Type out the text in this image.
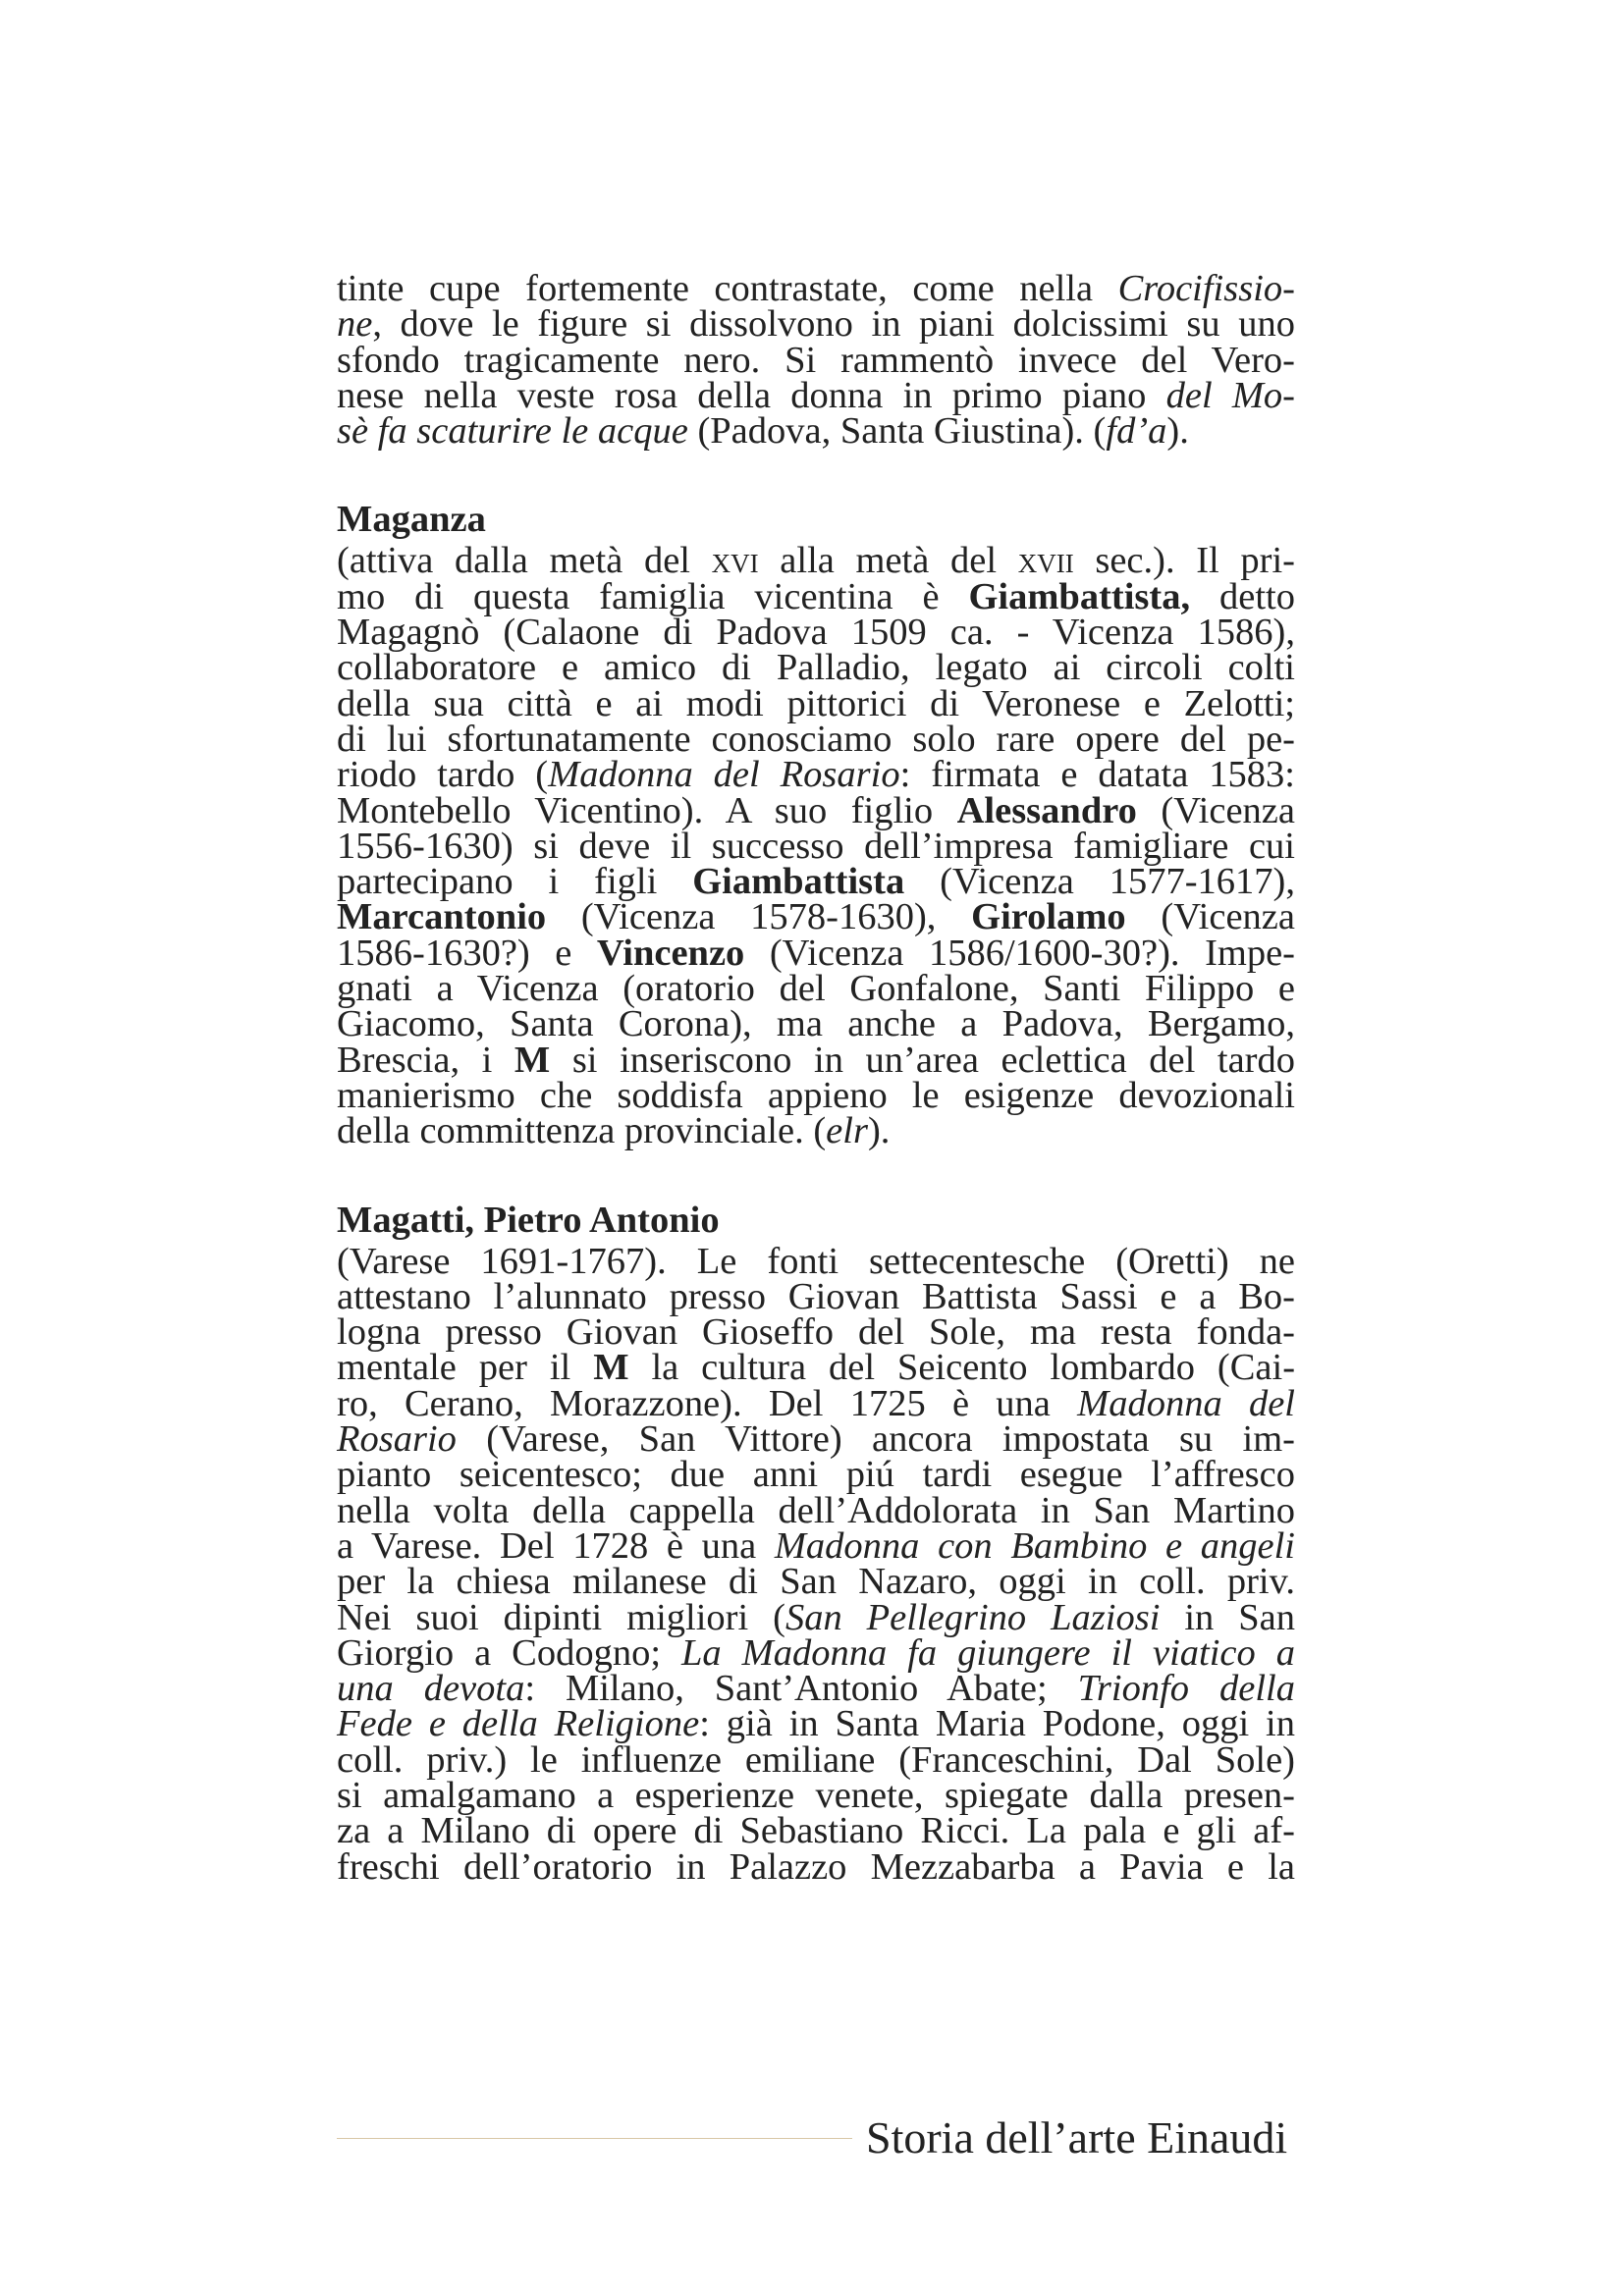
tinte cupe fortemente contrastate, come nella Crocifissio-
ne, dove le figure si dissolvono in piani dolcissimi su uno
sfondo tragicamente nero. Si rammentò invece del Vero-
nese nella veste rosa della donna in primo piano del Mo-
sè fa scaturire le acque (Padova, Santa Giustina). (fd’a).
Maganza
(attiva dalla metà del xvi alla metà del xvii sec.). Il pri-
mo di questa famiglia vicentina è Giambattista, detto
Magagnò (Calaone di Padova 1509 ca. - Vicenza 1586),
collaboratore e amico di Palladio, legato ai circoli colti
della sua città e ai modi pittorici di Veronese e Zelotti;
di lui sfortunatamente conosciamo solo rare opere del pe-
riodo tardo (Madonna del Rosario: firmata e datata 1583:
Montebello Vicentino). A suo figlio Alessandro (Vicenza
1556-1630) si deve il successo dell’impresa famigliare cui
partecipano i figli Giambattista (Vicenza 1577-1617),
Marcantonio (Vicenza 1578-1630), Girolamo (Vicenza
1586-1630?) e Vincenzo (Vicenza 1586/1600-30?). Impe-
gnati a Vicenza (oratorio del Gonfalone, Santi Filippo e
Giacomo, Santa Corona), ma anche a Padova, Bergamo,
Brescia, i M si inseriscono in un’area eclettica del tardo
manierismo che soddisfa appieno le esigenze devozionali
della committenza provinciale. (elr).
Magatti, Pietro Antonio
(Varese 1691-1767). Le fonti settecentesche (Oretti) ne
attestano l’alunnato presso Giovan Battista Sassi e a Bo-
logna presso Giovan Gioseffo del Sole, ma resta fonda-
mentale per il M la cultura del Seicento lombardo (Cai-
ro, Cerano, Morazzone). Del 1725 è una Madonna del
Rosario (Varese, San Vittore) ancora impostata su im-
pianto seicentesco; due anni piú tardi esegue l’affresco
nella volta della cappella dell’Addolorata in San Martino
a Varese. Del 1728 è una Madonna con Bambino e angeli
per la chiesa milanese di San Nazaro, oggi in coll. priv.
Nei suoi dipinti migliori (San Pellegrino Laziosi in San
Giorgio a Codogno; La Madonna fa giungere il viatico a
una devota: Milano, Sant’Antonio Abate; Trionfo della
Fede e della Religione: già in Santa Maria Podone, oggi in
coll. priv.) le influenze emiliane (Franceschini, Dal Sole)
si amalgamano a esperienze venete, spiegate dalla presen-
za a Milano di opere di Sebastiano Ricci. La pala e gli af-
freschi dell’oratorio in Palazzo Mezzabarba a Pavia e la
Storia dell’arte Einaudi
